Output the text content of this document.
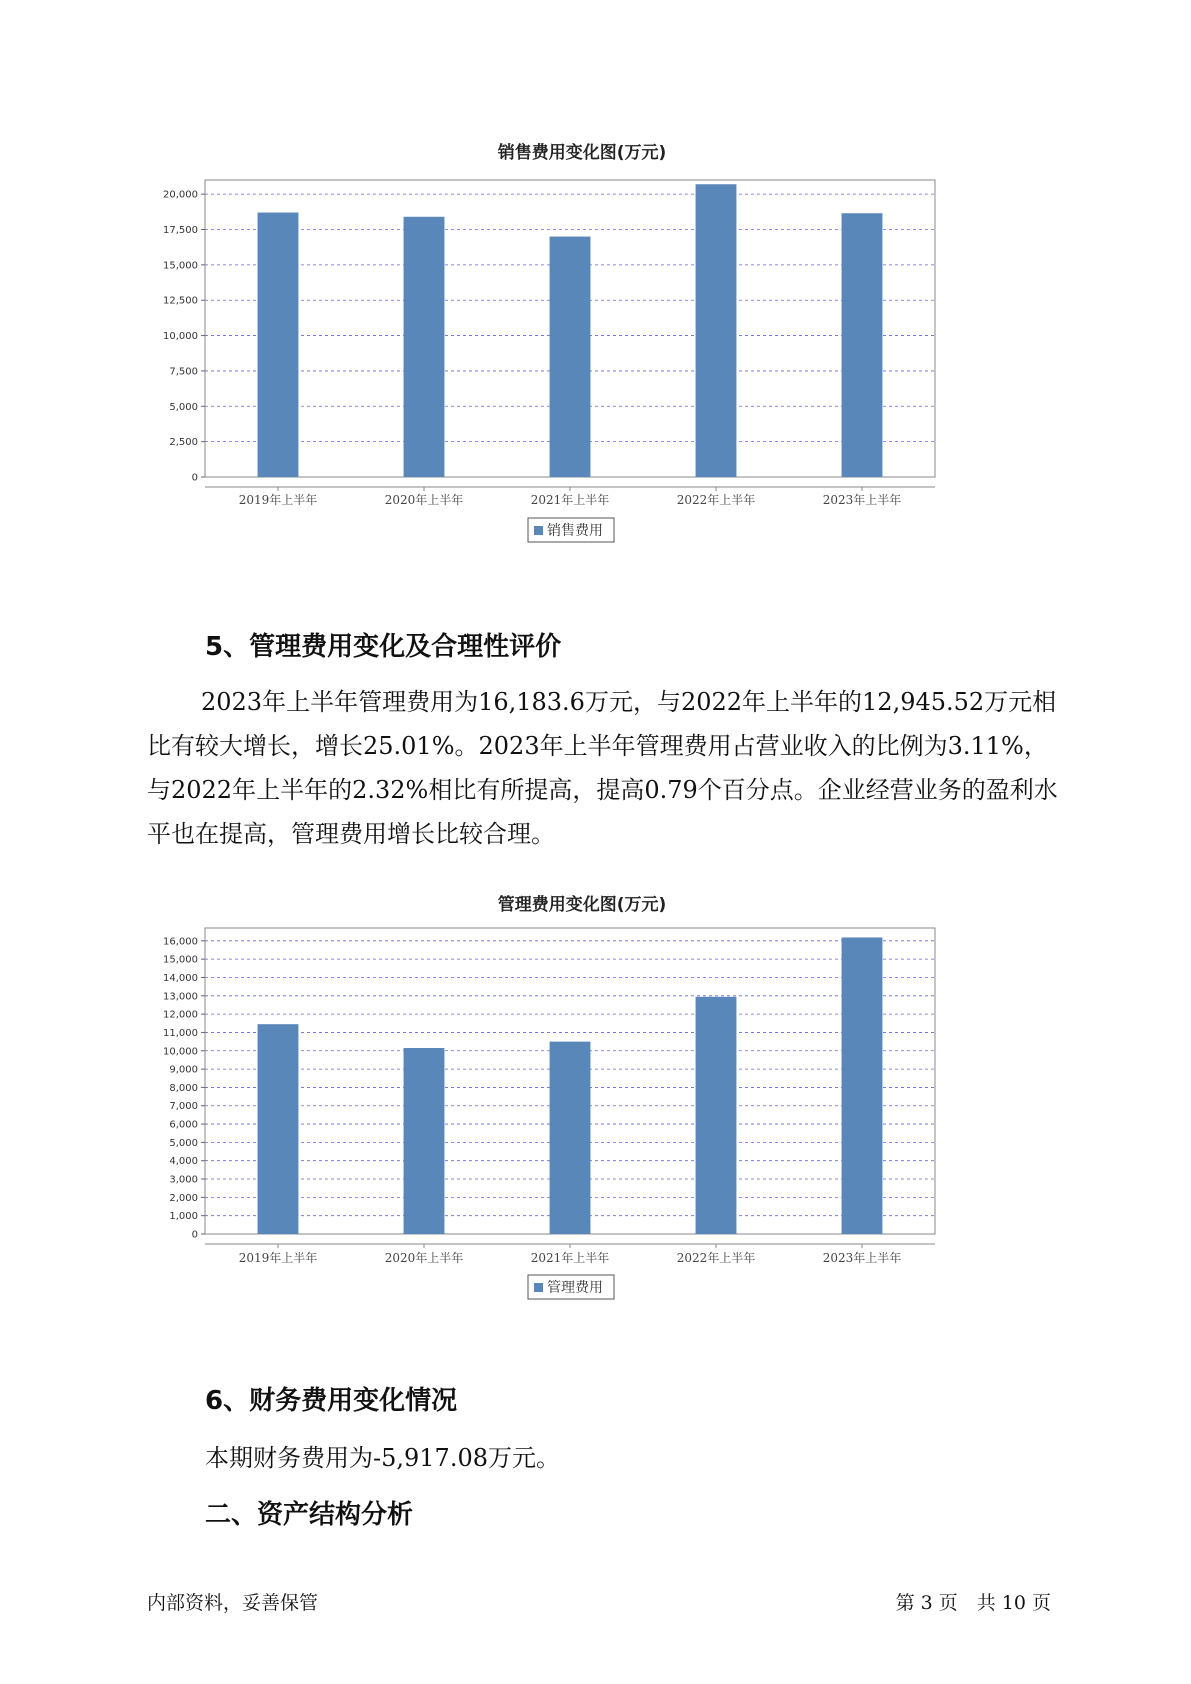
销售费用变化图(万元)
0
2,500
5,000
7,500
10,000
12,500
15,000
17,500
20,000
2019年上半年	2020年上半年	2021年上半年	2022年上半年	2023年上半年
销售费用
5、管理费用变化及合理性评价

2023年上半年管理费用为16,183.6万元，与2022年上半年的12,945.52万元相比有较大增长，增长25.01%。2023年上半年管理费用占营业收入的比例为3.11%，与2022年上半年的2.32%相比有所提高，提高0.79个百分点。企业经营业务的盈利水平也在提高，管理费用增长比较合理。

管理费用变化图(万元)
0
1,000
2,000
3,000
4,000
5,000
6,000
7,000
8,000
9,000
10,000
11,000
12,000
13,000
14,000
15,000
16,000
2019年上半年	2020年上半年	2021年上半年	2022年上半年	2023年上半年
管理费用
6、财务费用变化情况

本期财务费用为-5,917.08万元。

二、资产结构分析
内部资料，妥善保管	第 3 页　共 10 页
